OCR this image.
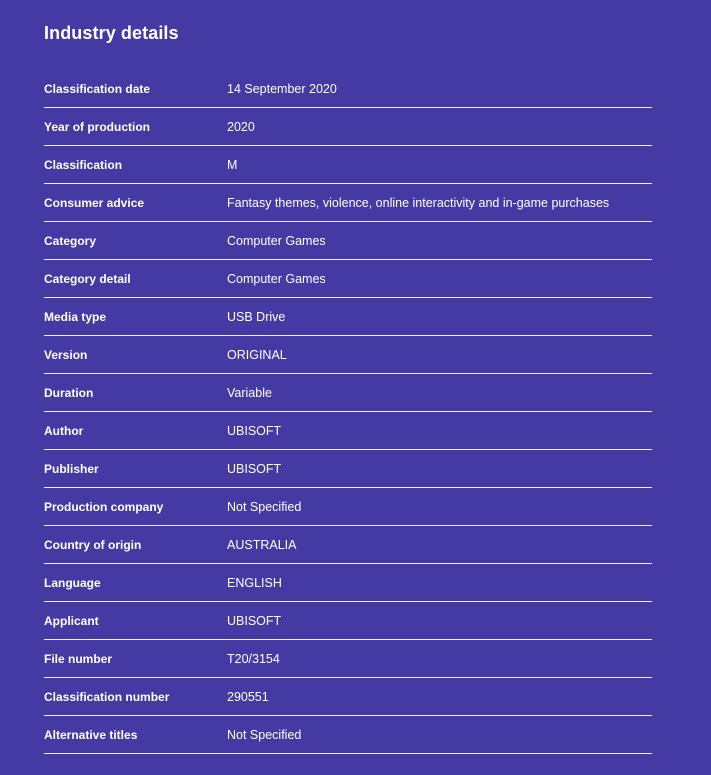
Industry details
Classification date	14 September 2020
Year of production	2020
Classification	M
Consumer advice	Fantasy themes, violence, online interactivity and in-game purchases
Category	Computer Games
Category detail	Computer Games
Media type	USB Drive
Version	ORIGINAL
Duration	Variable
Author	UBISOFT
Publisher	UBISOFT
Production company	Not Specified
Country of origin	AUSTRALIA
Language	ENGLISH
Applicant	UBISOFT
File number	T20/3154
Classification number	290551
Alternative titles	Not Specified
